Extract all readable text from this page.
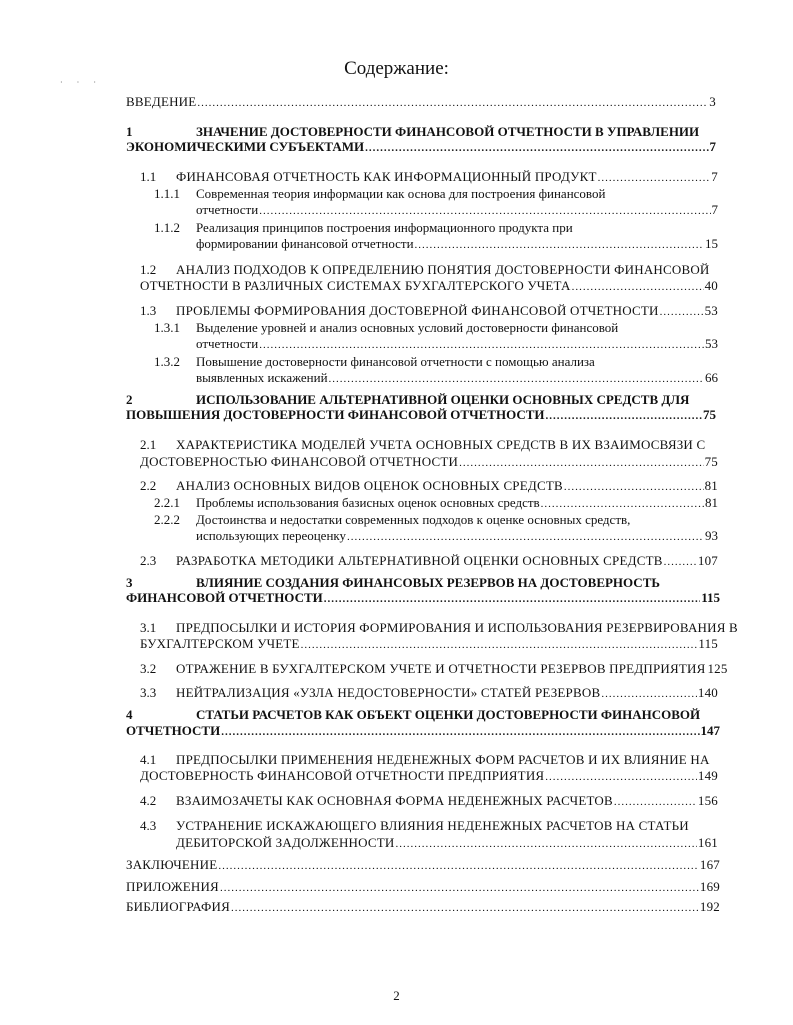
· · ·
Содержание:
ВВЕДЕНИЕ .....	3
1	ЗНАЧЕНИЕ ДОСТОВЕРНОСТИ ФИНАНСОВОЙ ОТЧЕТНОСТИ В УПРАВЛЕНИИ
ЭКОНОМИЧЕСКИМИ СУБЪЕКТАМИ .....	7
1.1 ФИНАНСОВАЯ ОТЧЕТНОСТЬ КАК ИНФОРМАЦИОННЫЙ ПРОДУКТ .....	7
1.1.1 Современная теория информации как основа для построения финансовой
отчетности .....	7
1.1.2 Реализация принципов построения информационного продукта при
формировании финансовой отчетности .....	15
1.2 АНАЛИЗ ПОДХОДОВ К ОПРЕДЕЛЕНИЮ ПОНЯТИЯ ДОСТОВЕРНОСТИ ФИНАНСОВОЙ
ОТЧЕТНОСТИ В РАЗЛИЧНЫХ СИСТЕМАХ БУХГАЛТЕРСКОГО УЧЕТА .....	40
1.3 ПРОБЛЕМЫ ФОРМИРОВАНИЯ ДОСТОВЕРНОЙ ФИНАНСОВОЙ ОТЧЕТНОСТИ .....	53
1.3.1 Выделение уровней и анализ основных условий достоверности финансовой
отчетности .....	53
1.3.2 Повышение достоверности финансовой отчетности с помощью анализа
выявленных искажений .....	66
2	ИСПОЛЬЗОВАНИЕ АЛЬТЕРНАТИВНОЙ ОЦЕНКИ ОСНОВНЫХ СРЕДСТВ ДЛЯ
ПОВЫШЕНИЯ ДОСТОВЕРНОСТИ ФИНАНСОВОЙ ОТЧЕТНОСТИ .....	75
2.1 ХАРАКТЕРИСТИКА МОДЕЛЕЙ УЧЕТА ОСНОВНЫХ СРЕДСТВ В ИХ ВЗАИМОСВЯЗИ С
ДОСТОВЕРНОСТЬЮ ФИНАНСОВОЙ ОТЧЕТНОСТИ .....	75
2.2 АНАЛИЗ ОСНОВНЫХ ВИДОВ ОЦЕНОК ОСНОВНЫХ СРЕДСТВ .....	81
2.2.1 Проблемы использования базисных оценок основных средств .....	81
2.2.2 Достоинства и недостатки современных подходов к оценке основных средств,
использующих переоценку .....	93
2.3 РАЗРАБОТКА МЕТОДИКИ АЛЬТЕРНАТИВНОЙ ОЦЕНКИ ОСНОВНЫХ СРЕДСТВ .....	107
3	ВЛИЯНИЕ СОЗДАНИЯ ФИНАНСОВЫХ РЕЗЕРВОВ НА ДОСТОВЕРНОСТЬ
ФИНАНСОВОЙ ОТЧЕТНОСТИ .....	115
3.1 ПРЕДПОСЫЛКИ И ИСТОРИЯ ФОРМИРОВАНИЯ И ИСПОЛЬЗОВАНИЯ РЕЗЕРВИРОВАНИЯ В
БУХГАЛТЕРСКОМ УЧЕТЕ .....	115
3.2 ОТРАЖЕНИЕ В БУХГАЛТЕРСКОМ УЧЕТЕ И ОТЧЕТНОСТИ РЕЗЕРВОВ ПРЕДПРИЯТИЯ 125
3.3 НЕЙТРАЛИЗАЦИЯ «УЗЛА НЕДОСТОВЕРНОСТИ» СТАТЕЙ РЕЗЕРВОВ .....	140
4	СТАТЬИ РАСЧЕТОВ КАК ОБЪЕКТ ОЦЕНКИ ДОСТОВЕРНОСТИ ФИНАНСОВОЙ
ОТЧЕТНОСТИ .....	147
4.1 ПРЕДПОСЫЛКИ ПРИМЕНЕНИЯ НЕДЕНЕЖНЫХ ФОРМ РАСЧЕТОВ И ИХ ВЛИЯНИЕ НА
ДОСТОВЕРНОСТЬ ФИНАНСОВОЙ ОТЧЕТНОСТИ ПРЕДПРИЯТИЯ .....	149
4.2 ВЗАИМОЗАЧЕТЫ КАК ОСНОВНАЯ ФОРМА НЕДЕНЕЖНЫХ РАСЧЕТОВ .....	156
4.3 УСТРАНЕНИЕ ИСКАЖАЮЩЕГО ВЛИЯНИЯ НЕДЕНЕЖНЫХ РАСЧЕТОВ НА СТАТЬИ
ДЕБИТОРСКОЙ ЗАДОЛЖЕННОСТИ .....	161
ЗАКЛЮЧЕНИЕ .....	167
ПРИЛОЖЕНИЯ .....	169
БИБЛИОГРАФИЯ .....	192
2
